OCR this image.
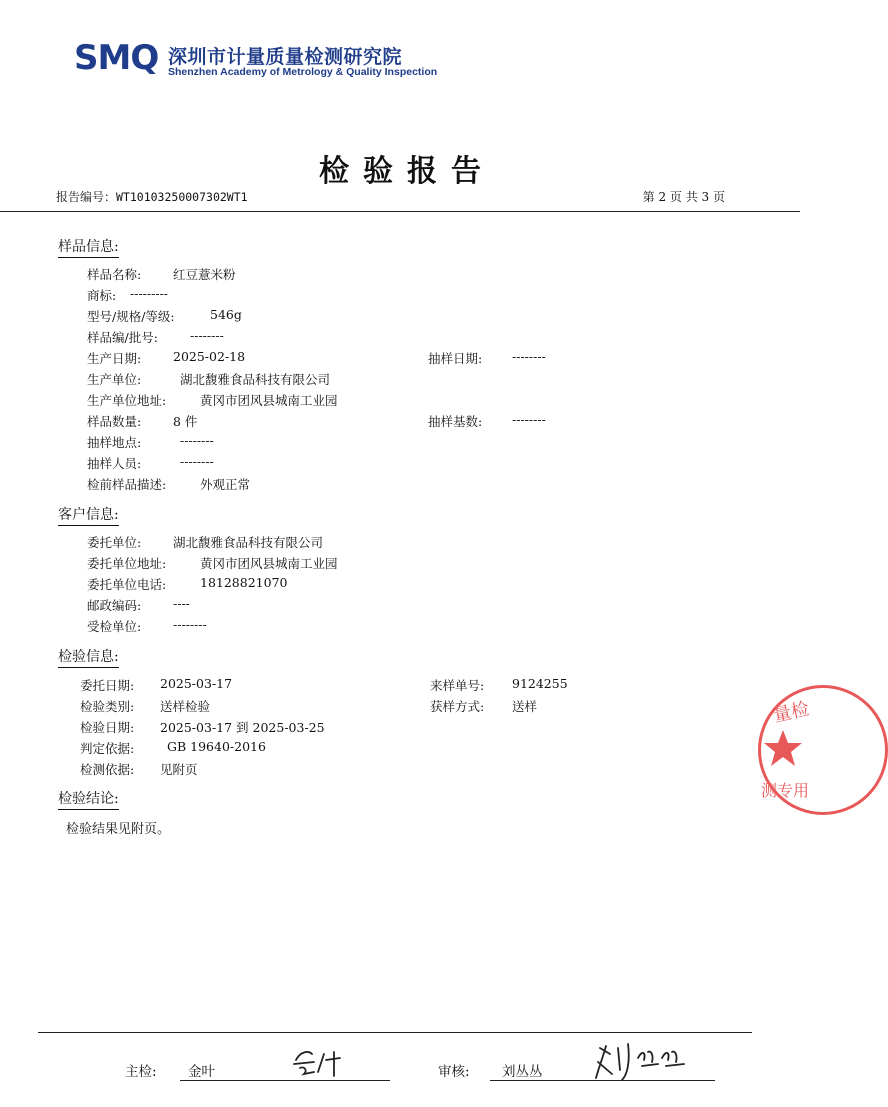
SMQ 深圳市计量质量检测研究院
Shenzhen Academy of Metrology & Quality Inspection
检验报告
报告编号：WT10103250007302WT1	第 2 页 共 3 页
样品信息:
样品名称:	红豆薏米粉
商标: ---------
型号/规格/等级:	546g
样品编/批号:	--------
生产日期:	2025-02-18	抽样日期: --------
生产单位:	湖北馥雅食品科技有限公司
生产单位地址:	黄冈市团风县城南工业园
样品数量:	8 件	抽样基数: --------
抽样地点:	--------
抽样人员:	--------
检前样品描述:	外观正常
客户信息:
委托单位:	湖北馥雅食品科技有限公司
委托单位地址:	黄冈市团风县城南工业园
委托单位电话:	18128821070
邮政编码:	----
受检单位:	--------
检验信息:
委托日期: 2025-03-17	来样单号: 9124255
检验类别: 送样检验	获样方式: 送样
检验日期: 2025-03-17 到 2025-03-25
判定依据:	GB 19640-2016
检测依据: 见附页
检验结论:
检验结果见附页。
量检
测专用
主检: 金叶	审核: 刘丛丛
